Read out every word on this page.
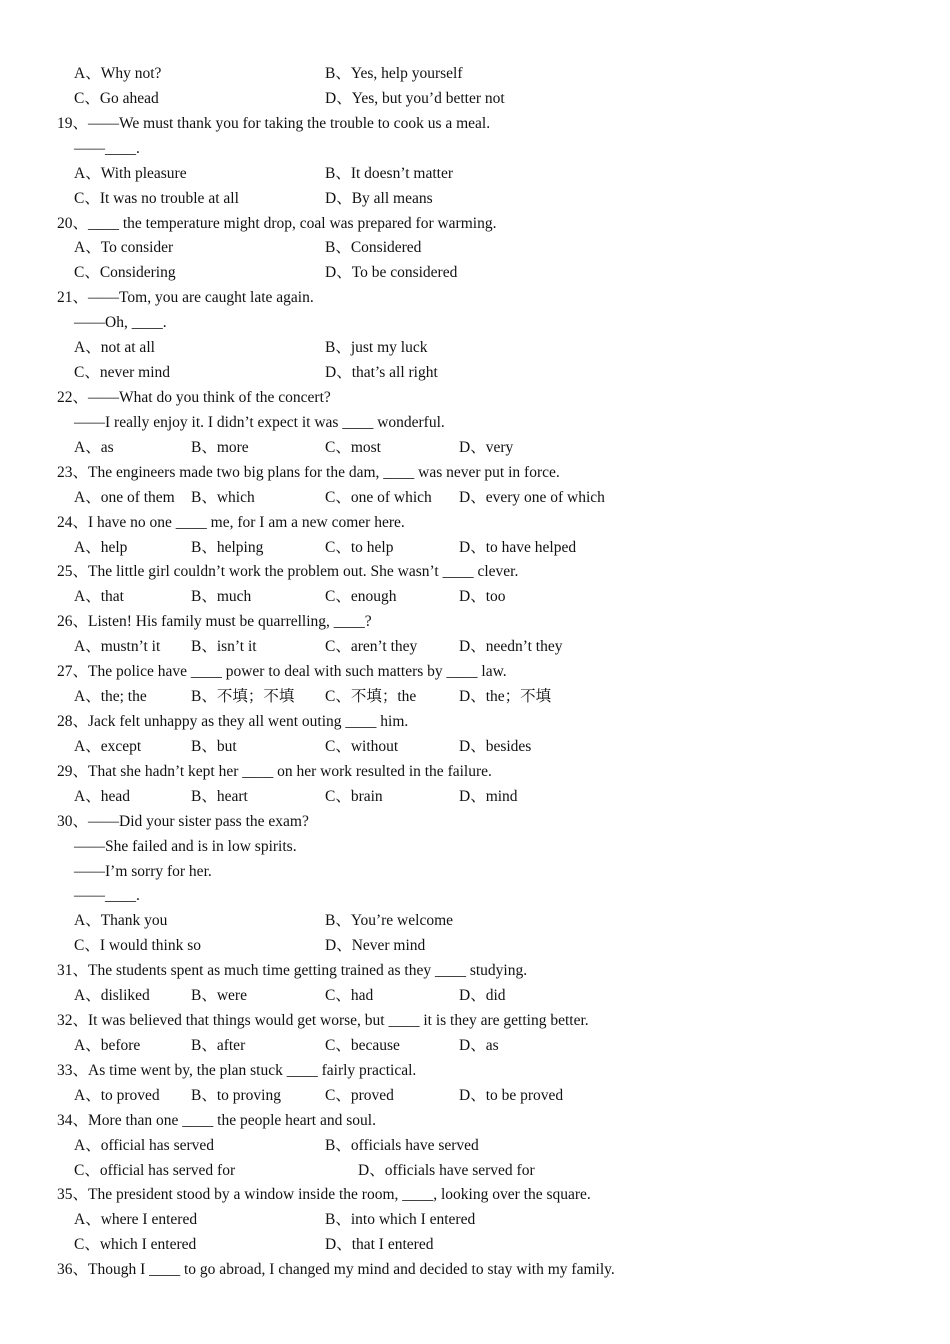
A、Why not?	B、Yes, help yourself
C、Go ahead	D、Yes, but you’d better not
19、——We must thank you for taking the trouble to cook us a meal.
——____.
A、With pleasure	B、It doesn’t matter
C、It was no trouble at all	D、By all means
20、____ the temperature might drop, coal was prepared for warming.
A、To consider	B、Considered
C、Considering	D、To be considered
21、——Tom, you are caught late again.
——Oh, ____.
A、not at all	B、just my luck
C、never mind	D、that’s all right
22、——What do you think of the concert?
——I really enjoy it. I didn’t expect it was ____ wonderful.
A、as	B、more	C、most	D、very
23、The engineers made two big plans for the dam, ____ was never put in force.
A、one of them B、which	C、one of which D、every one of which
24、I have no one ____ me, for I am a new comer here.
A、help	B、helping	C、to help	D、to have helped
25、The little girl couldn’t work the problem out. She wasn’t ____ clever.
A、that	B、much	C、enough	D、too
26、Listen! His family must be quarrelling, ____?
A、mustn’t it B、isn’t it	C、aren’t they	D、needn’t they
27、The police have ____ power to deal with such matters by ____ law.
A、the; the	B、不填；不填 C、不填；the	D、the；不填
28、Jack felt unhappy as they all went outing ____ him.
A、except	B、but	C、without	D、besides
29、That she hadn’t kept her ____ on her work resulted in the failure.
A、head	B、heart	C、brain	D、mind
30、——Did your sister pass the exam?
——She failed and is in low spirits.
——I’m sorry for her.
——____.
A、Thank you	B、You’re welcome
C、I would think so	D、Never mind
31、The students spent as much time getting trained as they ____ studying.
A、disliked	B、were	C、had	D、did
32、It was believed that things would get worse, but ____ it is they are getting better.
A、before	B、after	C、because	D、as
33、As time went by, the plan stuck ____ fairly practical.
A、to proved B、to proving	C、proved	D、to be proved
34、More than one ____ the people heart and soul.
A、official has served	B、officials have served
C、official has served for	D、officials have served for
35、The president stood by a window inside the room, ____, looking over the square.
A、where I entered	B、into which I entered
C、which I entered	D、that I entered
36、Though I ____ to go abroad, I changed my mind and decided to stay with my family.
